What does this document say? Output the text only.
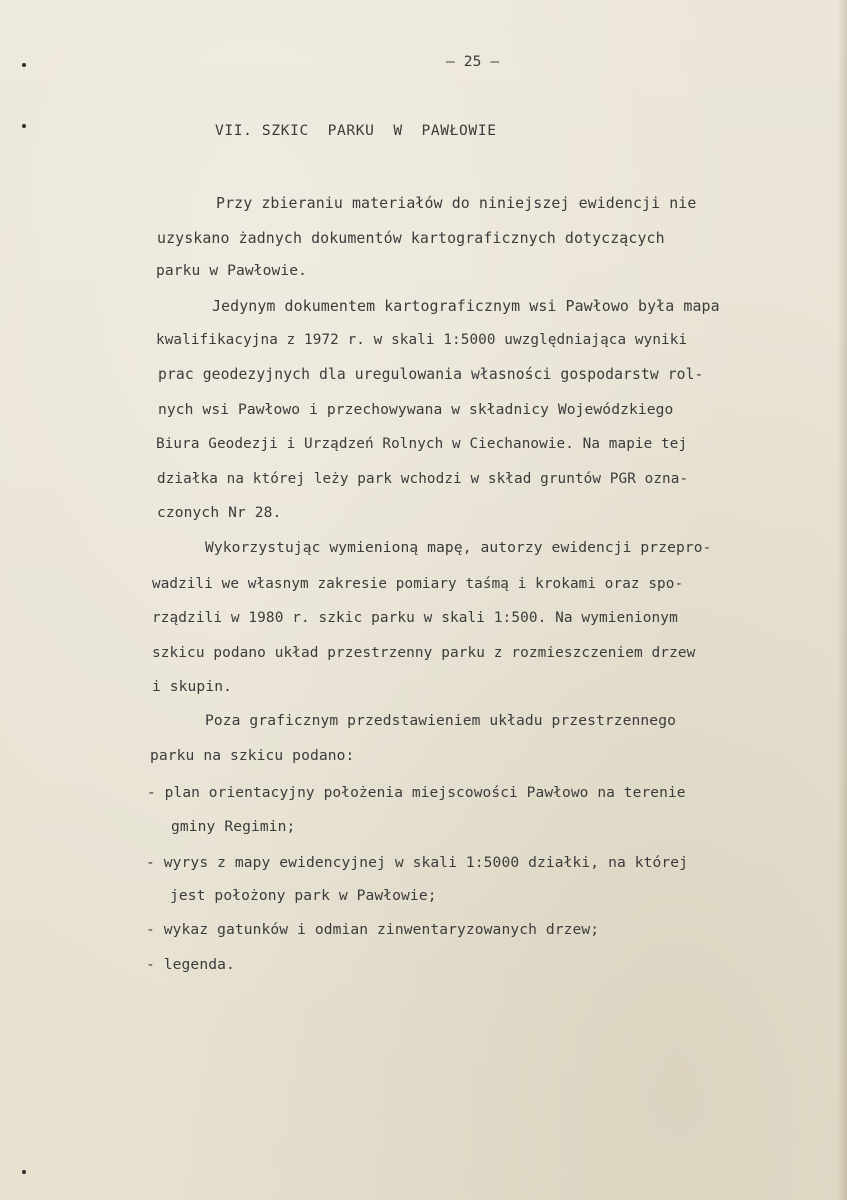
– 25 –
VII. SZKIC  PARKU  W  PAWŁOWIE
Przy zbieraniu materiałów do niniejszej ewidencji nie
uzyskano żadnych dokumentów kartograficznych dotyczących
parku w Pawłowie.
Jedynym dokumentem kartograficznym wsi Pawłowo była mapa
kwalifikacyjna z 1972 r. w skali 1:5000 uwzględniająca wyniki
prac geodezyjnych dla uregulowania własności gospodarstw rol-
nych wsi Pawłowo i przechowywana w składnicy Wojewódzkiego
Biura Geodezji i Urządzeń Rolnych w Ciechanowie. Na mapie tej
działka na której leży park wchodzi w skład gruntów PGR ozna-
czonych Nr 28.
Wykorzystując wymienioną mapę, autorzy ewidencji przepro-
wadzili we własnym zakresie pomiary taśmą i krokami oraz spo-
rządzili w 1980 r. szkic parku w skali 1:500. Na wymienionym
szkicu podano układ przestrzenny parku z rozmieszczeniem drzew
i skupin.
Poza graficznym przedstawieniem układu przestrzennego
parku na szkicu podano:
- plan orientacyjny położenia miejscowości Pawłowo na terenie
gminy Regimin;
- wyrys z mapy ewidencyjnej w skali 1:5000 działki, na której
jest położony park w Pawłowie;
- wykaz gatunków i odmian zinwentaryzowanych drzew;
- legenda.
